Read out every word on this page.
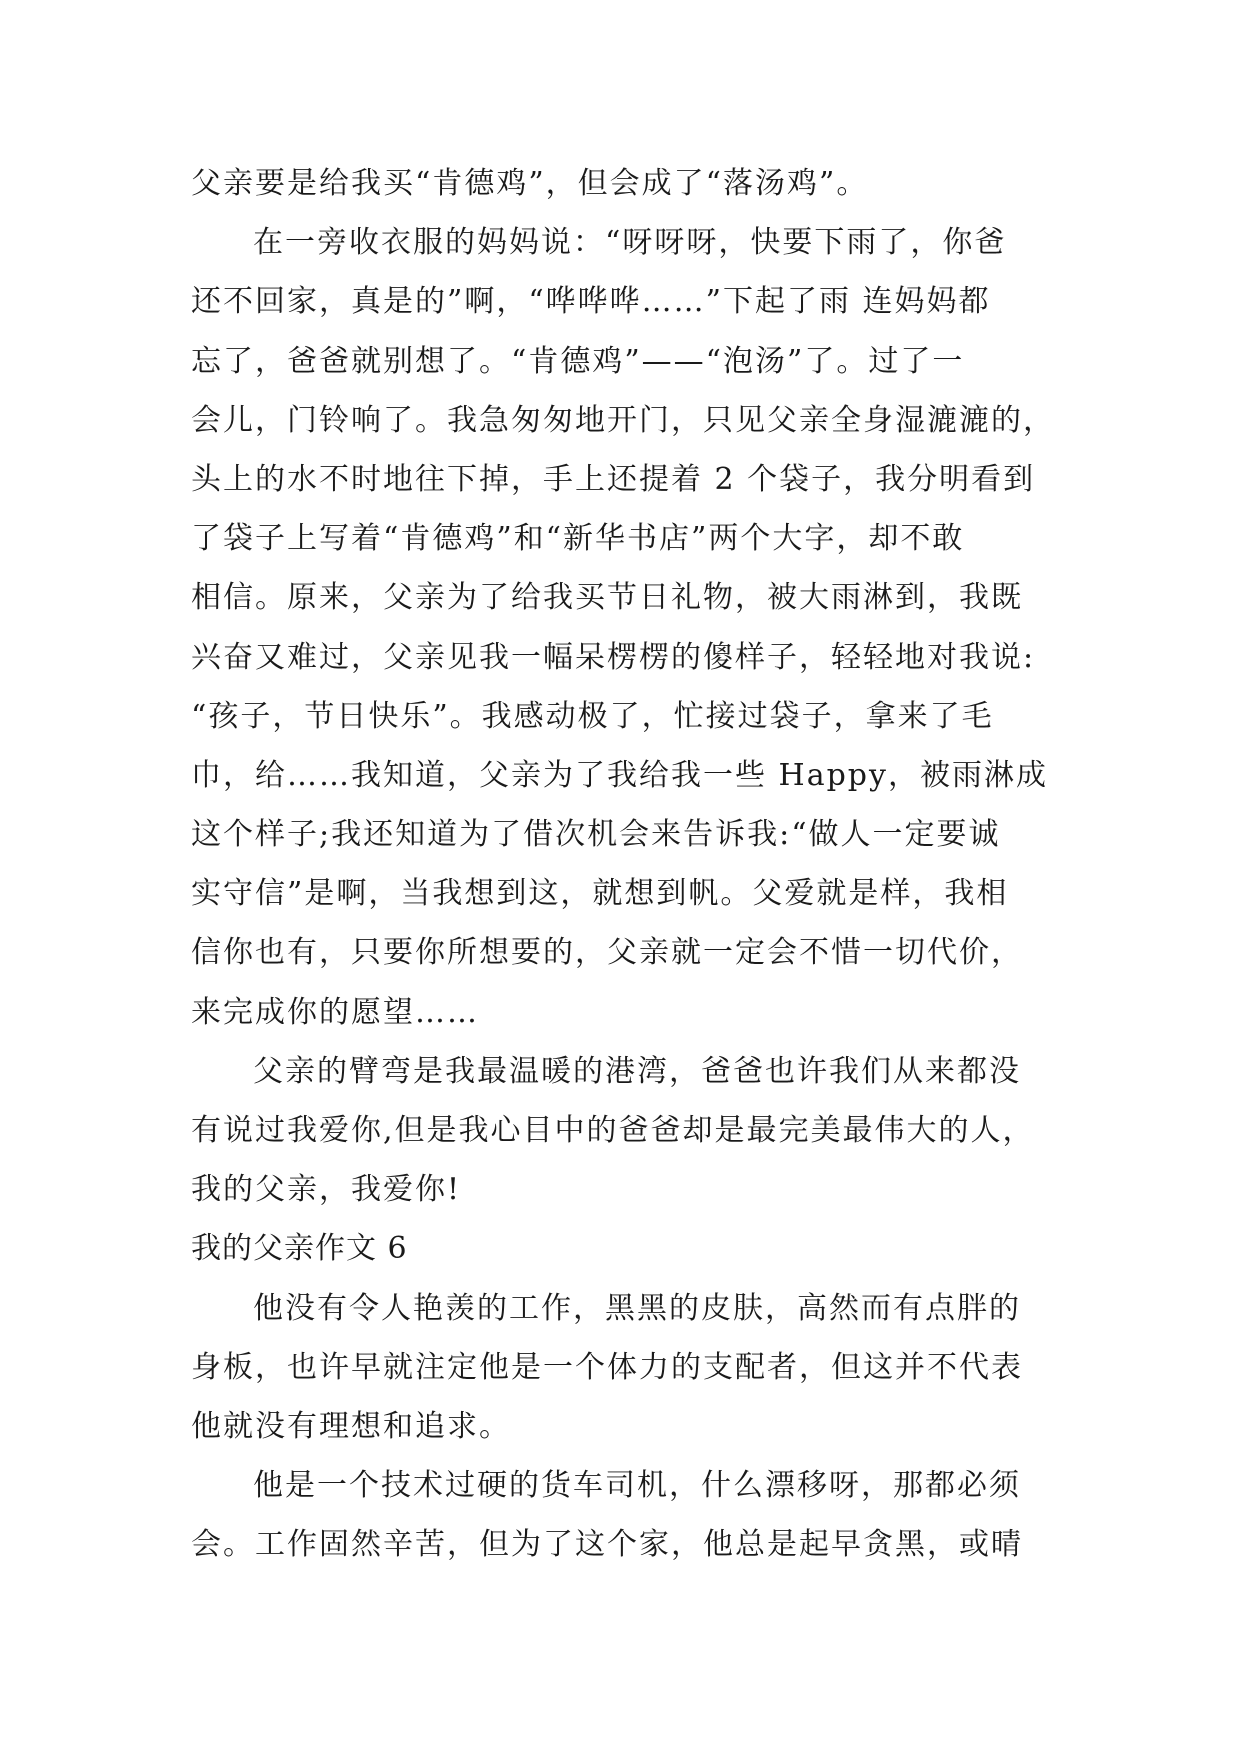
父亲要是给我买“肯德鸡”，但会成了“落汤鸡”。
在一旁收衣服的妈妈说：“呀呀呀，快要下雨了，你爸
还不回家，真是的”啊，“哗哗哗……”下起了雨 连妈妈都
忘了，爸爸就别想了。“肯德鸡”——“泡汤”了。过了一
会儿，门铃响了。我急匆匆地开门，只见父亲全身湿漉漉的，
头上的水不时地往下掉，手上还提着 2 个袋子，我分明看到
了袋子上写着“肯德鸡”和“新华书店”两个大字，却不敢
相信。原来，父亲为了给我买节日礼物，被大雨淋到，我既
兴奋又难过，父亲见我一幅呆楞楞的傻样子，轻轻地对我说:
“孩子，节日快乐”。我感动极了，忙接过袋子，拿来了毛
巾，给……我知道，父亲为了我给我一些 Happy，被雨淋成
这个样子;我还知道为了借次机会来告诉我:“做人一定要诚
实守信”是啊，当我想到这，就想到帆。父爱就是样，我相
信你也有，只要你所想要的，父亲就一定会不惜一切代价，
来完成你的愿望……
父亲的臂弯是我最温暖的港湾，爸爸也许我们从来都没
有说过我爱你,但是我心目中的爸爸却是最完美最伟大的人，
我的父亲，我爱你!
我的父亲作文 6
他没有令人艳羡的工作，黑黑的皮肤，高然而有点胖的
身板，也许早就注定他是一个体力的支配者，但这并不代表
他就没有理想和追求。
他是一个技术过硬的货车司机，什么漂移呀，那都必须
会。工作固然辛苦，但为了这个家，他总是起早贪黑，或晴
